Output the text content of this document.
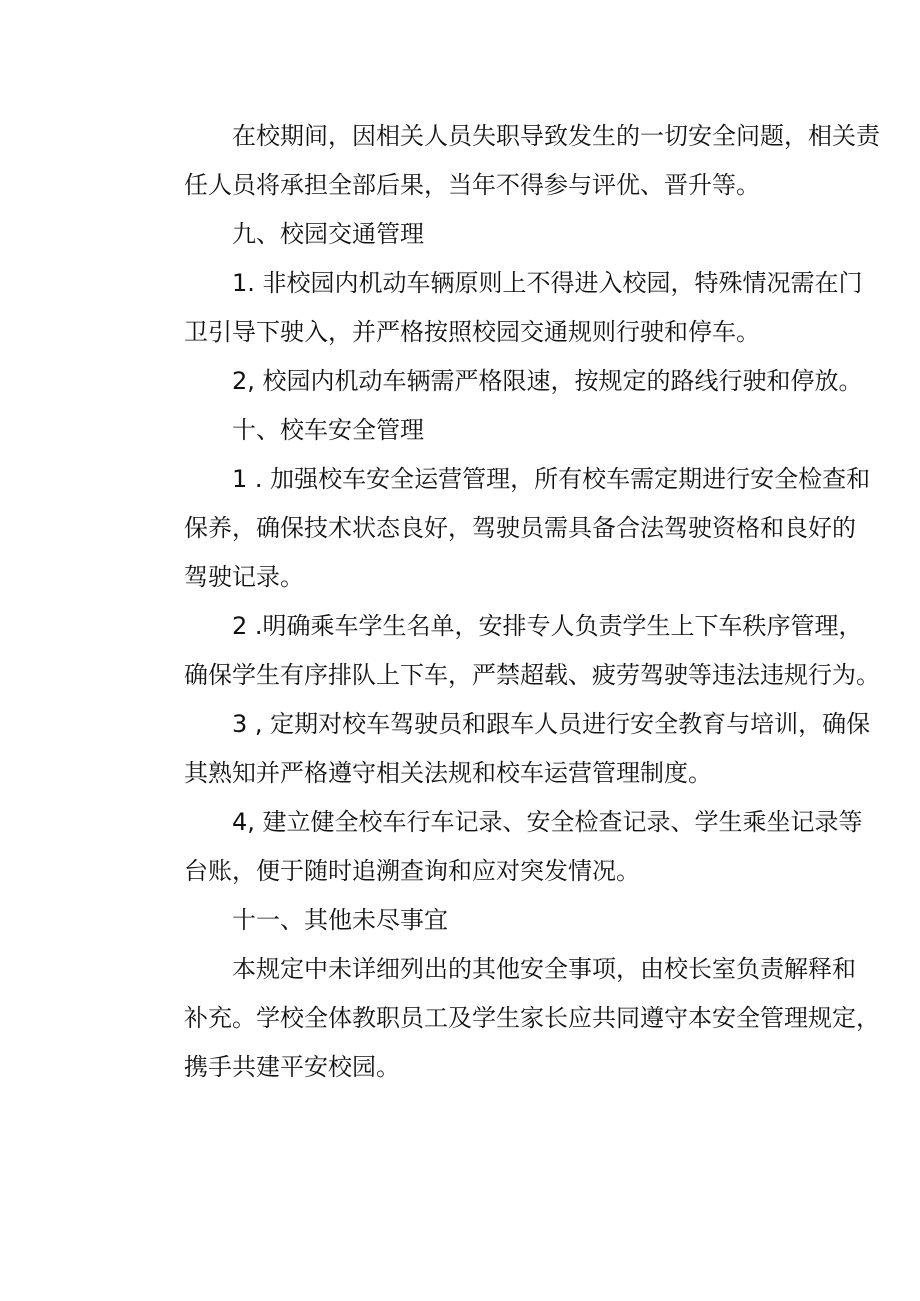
在校期间，因相关人员失职导致发生的一切安全问题，相关责
任人员将承担全部后果，当年不得参与评优、晋升等。
九、校园交通管理
1. 非校园内机动车辆原则上不得进入校园，特殊情况需在门
卫引导下驶入，并严格按照校园交通规则行驶和停车。
2, 校园内机动车辆需严格限速，按规定的路线行驶和停放。
十、校车安全管理
1 . 加强校车安全运营管理，所有校车需定期进行安全检查和
保养，确保技术状态良好，驾驶员需具备合法驾驶资格和良好的
驾驶记录。
2 .明确乘车学生名单，安排专人负责学生上下车秩序管理，
确保学生有序排队上下车，严禁超载、疲劳驾驶等违法违规行为。
3 , 定期对校车驾驶员和跟车人员进行安全教育与培训，确保
其熟知并严格遵守相关法规和校车运营管理制度。
4, 建立健全校车行车记录、安全检查记录、学生乘坐记录等
台账，便于随时追溯查询和应对突发情况。
十一、其他未尽事宜
本规定中未详细列出的其他安全事项，由校长室负责解释和
补充。学校全体教职员工及学生家长应共同遵守本安全管理规定，
携手共建平安校园。
